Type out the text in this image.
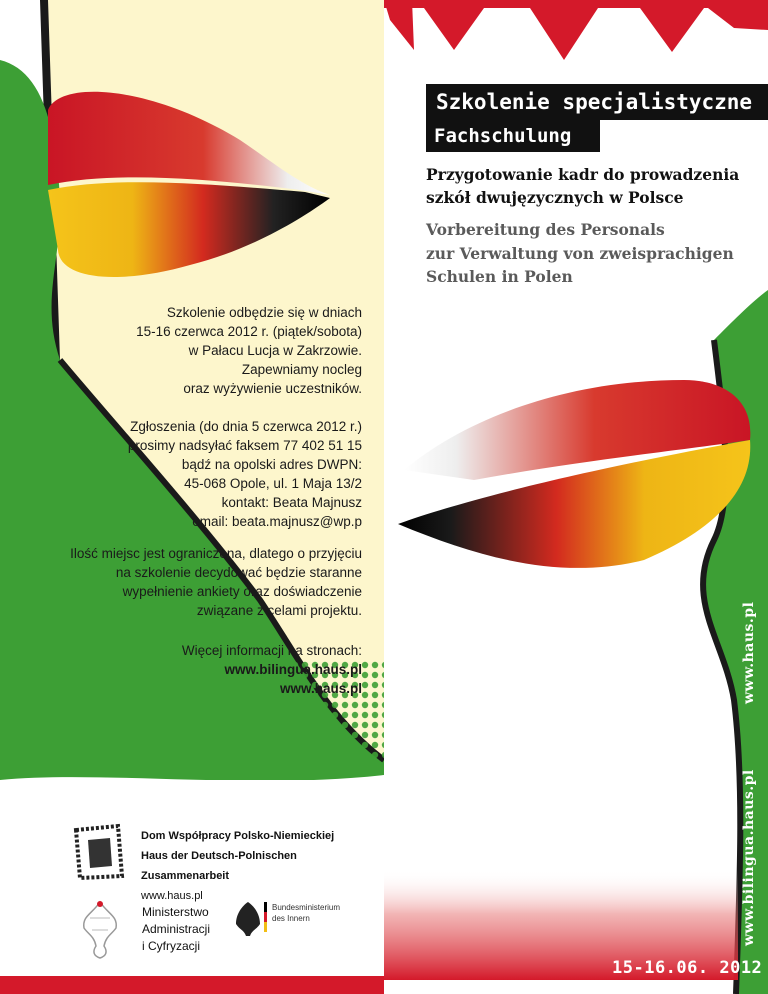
Szkolenie odbędzie się w dniach

15-16 czerwca 2012 r. (piątek/sobota)

w Pałacu Lucja w Zakrzowie.

Zapewniamy nocleg

oraz wyżywienie uczestników.

Zgłoszenia (do dnia 5 czerwca 2012 r.)

prosimy nadsyłać faksem 77 402 51 15

bądź na opolski adres DWPN:

45-068 Opole, ul. 1 Maja 13/2

kontakt: Beata Majnusz

email: beata.majnusz@wp.p

Ilość miejsc jest ograniczona, dlatego o przyjęciu

na szkolenie decydować będzie staranne

wypełnienie ankiety oraz doświadczenie

związane z celami projektu.

Więcej informacji na stronach:

www.bilingua.haus.pl

www.haus.pl

Dom Współpracy Polsko-Niemieckiej
Haus der Deutsch-Polnischen Zusammenarbeit
www.haus.pl
Ministerstwo
Administracji
i Cyfryzacji
Bundesministerium
des Innern
Szkolenie specjalistyczne
Fachschulung
Przygotowanie kadr do prowadzenia
szkół dwujęzycznych w Polsce
Vorbereitung des Personals
zur Verwaltung von zweisprachigen
Schulen in Polen
www.haus.pl
www.bilingua.haus.pl
15-16.06. 2012
